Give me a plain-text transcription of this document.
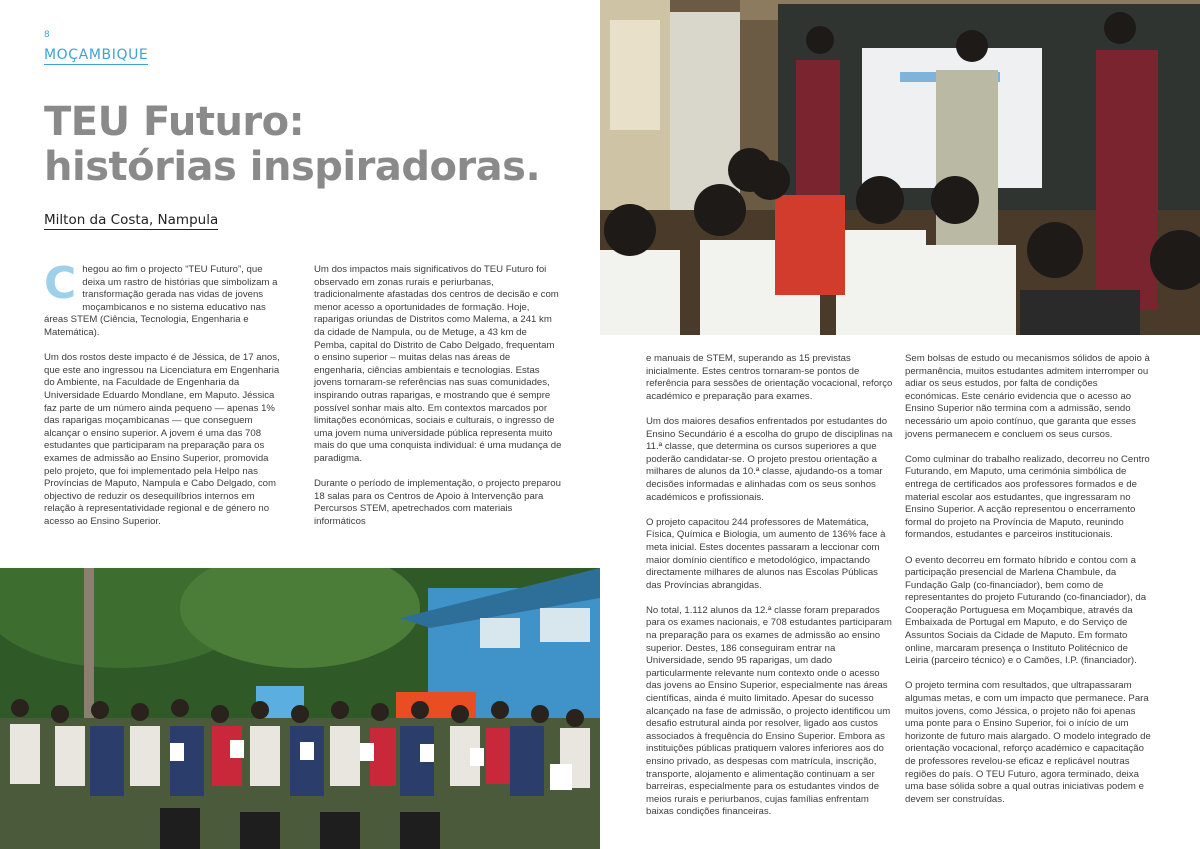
8
MOÇAMBIQUE
TEU Futuro:
histórias inspiradoras.
Milton da Costa, Nampula

Chegou ao fim o projecto “TEU Futuro”, que deixa um rastro de histórias que simbolizam a transformação gerada nas vidas de jovens moçambicanos e no sistema educativo nas áreas STEM (Ciência, Tecnologia, Engenharia e Matemática).

Um dos rostos deste impacto é de Jéssica, de 17 anos, que este ano ingressou na Licenciatura em Engenharia do Ambiente, na Faculdade de Engenharia da Universidade Eduardo Mondlane, em Maputo. Jéssica faz parte de um número ainda pequeno — apenas 1% das raparigas moçambicanas — que conseguem alcançar o ensino superior. A jovem é uma das 708 estudantes que participaram na preparação para os exames de admissão ao Ensino Superior, promovida pelo projeto, que foi implementado pela Helpo nas Províncias de Maputo, Nampula e Cabo Delgado, com objectivo de reduzir os desequilíbrios internos em relação à representatividade regional e de género no acesso ao Ensino Superior.

Um dos impactos mais significativos do TEU Futuro foi observado em zonas rurais e periurbanas, tradicionalmente afastadas dos centros de decisão e com menor acesso a oportunidades de formação. Hoje, raparigas oriundas de Distritos como Malema, a 241 km da cidade de Nampula, ou de Metuge, a 43 km de Pemba, capital do Distrito de Cabo Delgado, frequentam o ensino superior – muitas delas nas áreas de engenharia, ciências ambientais e tecnologias. Estas jovens tornaram-se referências nas suas comunidades, inspirando outras raparigas, e mostrando que é sempre possível sonhar mais alto. Em contextos marcados por limitações económicas, sociais e culturais, o ingresso de uma jovem numa universidade pública representa muito mais do que uma conquista individual: é uma mudança de paradigma.

Durante o período de implementação, o projecto preparou 18 salas para os Centros de Apoio à Intervenção para Percursos STEM, apetrechados com materiais informáticos

e manuais de STEM, superando as 15 previstas inicialmente. Estes centros tornaram-se pontos de referência para sessões de orientação vocacional, reforço académico e preparação para exames.

Um dos maiores desafios enfrentados por estudantes do Ensino Secundário é a escolha do grupo de disciplinas na 11.ª classe, que determina os cursos superiores a que poderão candidatar-se. O projeto prestou orientação a milhares de alunos da 10.ª classe, ajudando-os a tomar decisões informadas e alinhadas com os seus sonhos académicos e profissionais.

O projeto capacitou 244 professores de Matemática, Física, Química e Biologia, um aumento de 136% face à meta inicial. Estes docentes passaram a leccionar com maior domínio científico e metodológico, impactando directamente milhares de alunos nas Escolas Públicas das Províncias abrangidas.

No total, 1.112 alunos da 12.ª classe foram preparados para os exames nacionais, e 708 estudantes participaram na preparação para os exames de admissão ao ensino superior. Destes, 186 conseguiram entrar na Universidade, sendo 95 raparigas, um dado particularmente relevante num contexto onde o acesso das jovens ao Ensino Superior, especialmente nas áreas científicas, ainda é muito limitado. Apesar do sucesso alcançado na fase de admissão, o projecto identificou um desafio estrutural ainda por resolver, ligado aos custos associados à frequência do Ensino Superior. Embora as instituições públicas pratiquem valores inferiores aos do ensino privado, as despesas com matrícula, inscrição, transporte, alojamento e alimentação continuam a ser barreiras, especialmente para os estudantes vindos de meios rurais e periurbanos, cujas famílias enfrentam baixas condições financeiras.

Sem bolsas de estudo ou mecanismos sólidos de apoio à permanência, muitos estudantes admitem interromper ou adiar os seus estudos, por falta de condições económicas. Este cenário evidencia que o acesso ao Ensino Superior não termina com a admissão, sendo necessário um apoio contínuo, que garanta que esses jovens permanecem e concluem os seus cursos.

Como culminar do trabalho realizado, decorreu no Centro Futurando, em Maputo, uma cerimónia simbólica de entrega de certificados aos professores formados e de material escolar aos estudantes, que ingressaram no Ensino Superior. A acção representou o encerramento formal do projeto na Província de Maputo, reunindo formandos, estudantes e parceiros institucionais.

O evento decorreu em formato híbrido e contou com a participação presencial de Marlena Chambule, da Fundação Galp (co-financiador), bem como de representantes do projeto Futurando (co-financiador), da Cooperação Portuguesa em Moçambique, através da Embaixada de Portugal em Maputo, e do Serviço de Assuntos Sociais da Cidade de Maputo. Em formato online, marcaram presença o Instituto Politécnico de Leiria (parceiro técnico) e o Camões, I.P. (financiador).

O projeto termina com resultados, que ultrapassaram algumas metas, e com um impacto que permanece. Para muitos jovens, como Jéssica, o projeto não foi apenas uma ponte para o Ensino Superior, foi o início de um horizonte de futuro mais alargado. O modelo integrado de orientação vocacional, reforço académico e capacitação de professores revelou-se eficaz e replicável noutras regiões do país. O TEU Futuro, agora terminado, deixa uma base sólida sobre a qual outras iniciativas podem e devem ser construídas.
